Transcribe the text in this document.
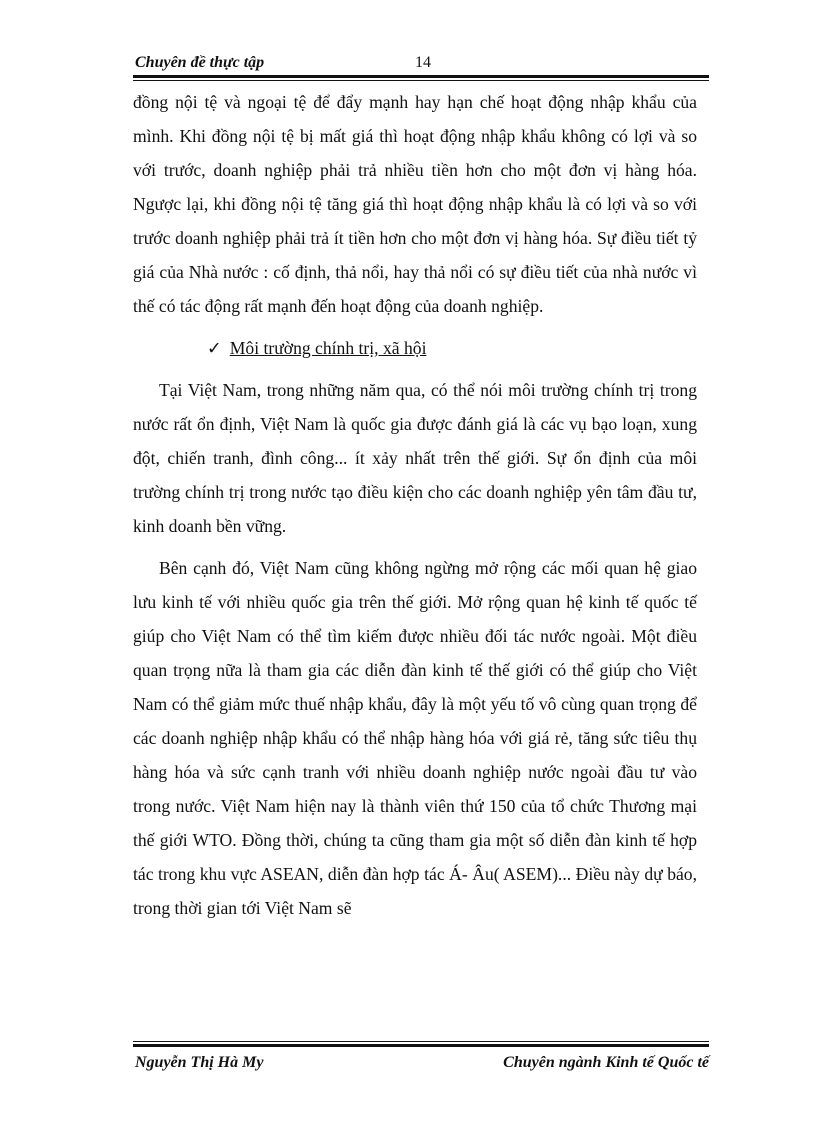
Chuyên đề thực tập	14

đồng nội tệ và ngoại tệ để đẩy mạnh hay hạn chế hoạt động nhập khẩu của mình. Khi đồng nội tệ bị mất giá thì hoạt động nhập khẩu không có lợi và so với trước, doanh nghiệp phải trả nhiều tiền hơn cho một đơn vị hàng hóa. Ngược lại, khi đồng nội tệ tăng giá thì hoạt động nhập khẩu là có lợi và so với trước doanh nghiệp phải trả ít tiền hơn cho một đơn vị hàng hóa. Sự điều tiết tỷ giá của Nhà nước : cố định, thả nổi, hay thả nổi có sự điều tiết của nhà nước vì thế có tác động rất mạnh đến hoạt động của doanh nghiệp.

✓ Môi trường chính trị, xã hội

Tại Việt Nam, trong những năm qua, có thể nói môi trường chính trị trong nước rất ổn định, Việt Nam là quốc gia được đánh giá là các vụ bạo loạn, xung đột, chiến tranh, đình công... ít xảy nhất trên thế giới. Sự ổn định của môi trường chính trị trong nước tạo điều kiện cho các doanh nghiệp yên tâm đầu tư, kinh doanh bền vững.

Bên cạnh đó, Việt Nam cũng không ngừng mở rộng các mối quan hệ giao lưu kinh tế với nhiều quốc gia trên thế giới. Mở rộng quan hệ kinh tế quốc tế giúp cho Việt Nam có thể tìm kiếm được nhiều đối tác nước ngoài. Một điều quan trọng nữa là tham gia các diễn đàn kinh tế thế giới có thể giúp cho Việt Nam có thể giảm mức thuế nhập khẩu, đây là một yếu tố vô cùng quan trọng để các doanh nghiệp nhập khẩu có thể nhập hàng hóa với giá rẻ, tăng sức tiêu thụ hàng hóa và sức cạnh tranh với nhiều doanh nghiệp nước ngoài đầu tư vào trong nước. Việt Nam hiện nay là thành viên thứ 150 của tổ chức Thương mại thế giới WTO. Đồng thời, chúng ta cũng tham gia một số diễn đàn kinh tế hợp tác trong khu vực ASEAN, diễn đàn hợp tác Á- Âu( ASEM)... Điều này dự báo, trong thời gian tới Việt Nam sẽ

Nguyễn Thị Hà My	Chuyên ngành Kinh tế Quốc tế
